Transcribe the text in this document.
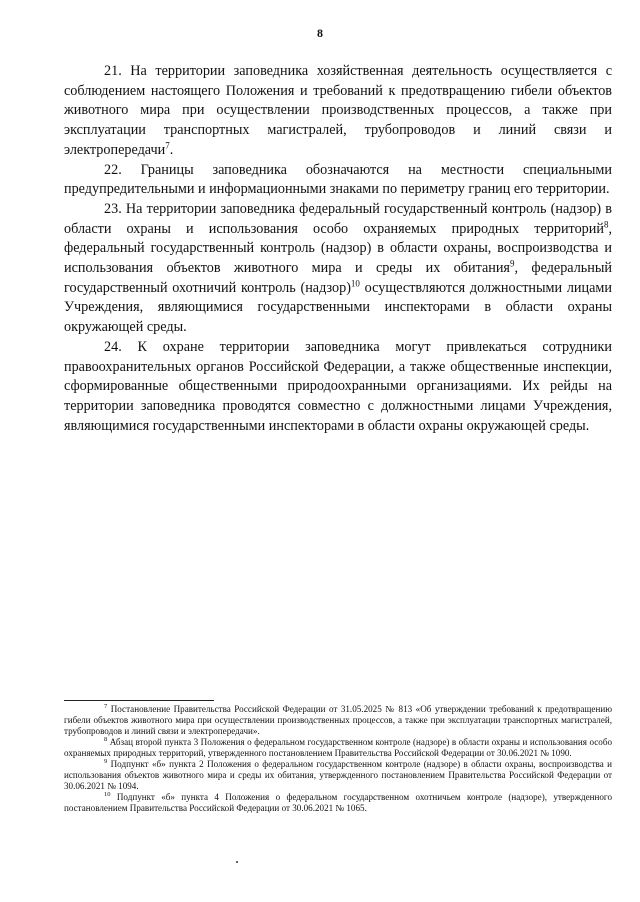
8

21. На территории заповедника хозяйственная деятельность осуществляется с соблюдением настоящего Положения и требований к предотвращению гибели объектов животного мира при осуществлении производственных процессов, а также при эксплуатации транспортных магистралей, трубопроводов и линий связи и электропередачи$^7$.

22. Границы заповедника обозначаются на местности специальными предупредительными и информационными знаками по периметру границ его территории.

23. На территории заповедника федеральный государственный контроль (надзор) в области охраны и использования особо охраняемых природных территорий$^8$, федеральный государственный контроль (надзор) в области охраны, воспроизводства и использования объектов животного мира и среды их обитания$^9$, федеральный государственный охотничий контроль (надзор)$^{10}$ осуществляются должностными лицами Учреждения, являющимися государственными инспекторами в области охраны окружающей среды.

24. К охране территории заповедника могут привлекаться сотрудники правоохранительных органов Российской Федерации, а также общественные инспекции, сформированные общественными природоохранными организациями. Их рейды на территории заповедника проводятся совместно с должностными лицами Учреждения, являющимися государственными инспекторами в области охраны окружающей среды.

$^7$ Постановление Правительства Российской Федерации от 31.05.2025 № 813 «Об утверждении требований к предотвращению гибели объектов животного мира при осуществлении производственных процессов, а также при эксплуатации транспортных магистралей, трубопроводов и линий связи и электропередачи».

$^8$ Абзац второй пункта 3 Положения о федеральном государственном контроле (надзоре) в области охраны и использования особо охраняемых природных территорий, утвержденного постановлением Правительства Российской Федерации от 30.06.2021 № 1090.

$^9$ Подпункт «б» пункта 2 Положения о федеральном государственном контроле (надзоре) в области охраны, воспроизводства и использования объектов животного мира и среды их обитания, утвержденного постановлением Правительства Российской Федерации от 30.06.2021 № 1094.

$^{10}$ Подпункт «б» пункта 4 Положения о федеральном государственном охотничьем контроле (надзоре), утвержденного постановлением Правительства Российской Федерации от 30.06.2021 № 1065.
